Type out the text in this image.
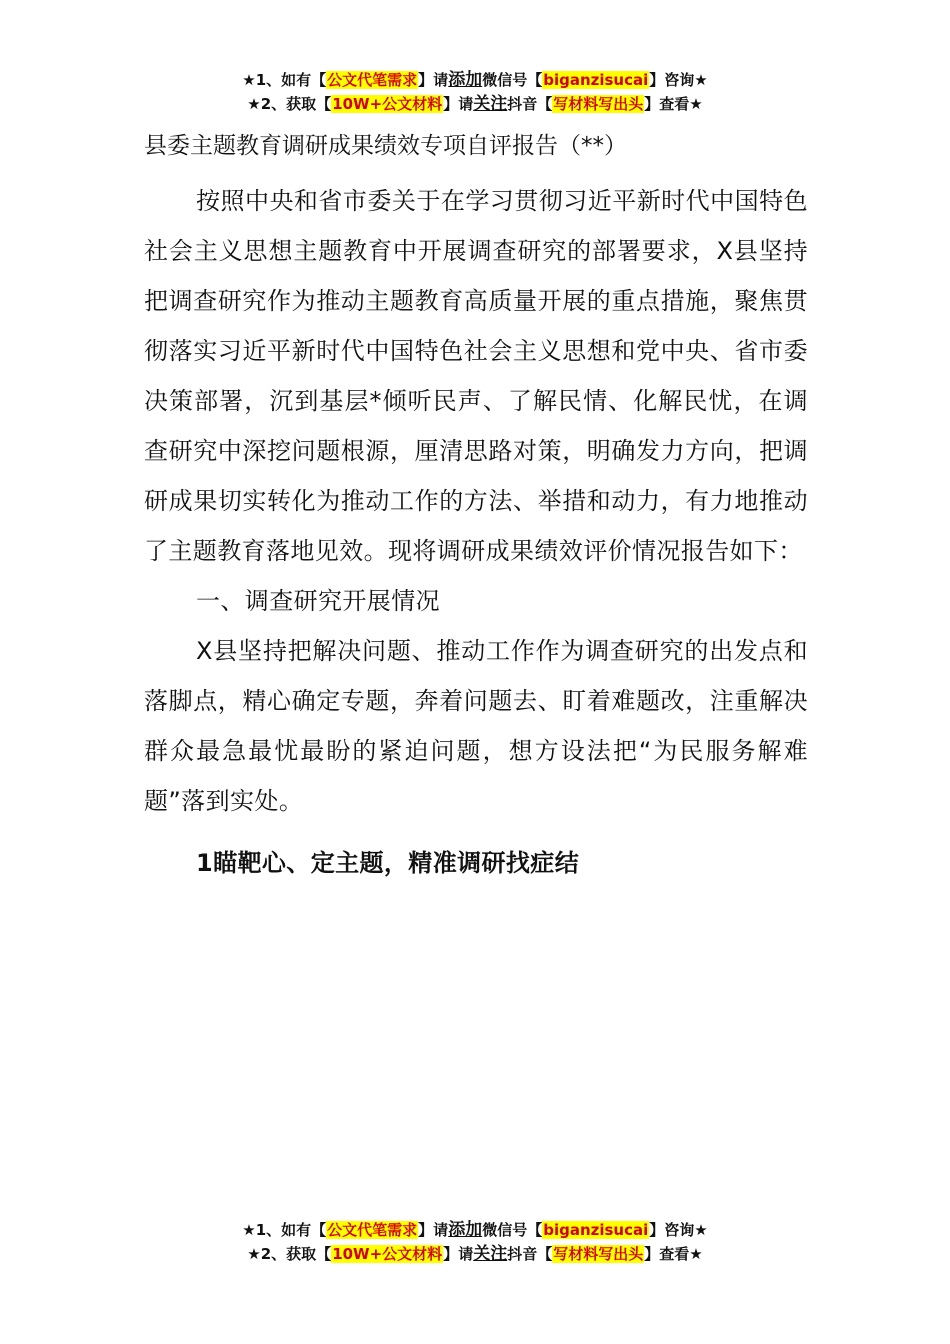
★1、如有【公文代笔需求】请添加微信号【biganzisucai】咨询★
★2、获取【10W+公文材料】请关注抖音【写材料写出头】查看★
县委主题教育调研成果绩效专项自评报告（**）

按照中央和省市委关于在学习贯彻习近平新时代中国特色社会主义思想主题教育中开展调查研究的部署要求，X县坚持把调查研究作为推动主题教育高质量开展的重点措施，聚焦贯彻落实习近平新时代中国特色社会主义思想和党中央、省市委决策部署，沉到基层*倾听民声、了解民情、化解民忧，在调查研究中深挖问题根源，厘清思路对策，明确发力方向，把调研成果切实转化为推动工作的方法、举措和动力，有力地推动了主题教育落地见效。现将调研成果绩效评价情况报告如下：

一、调查研究开展情况

X县坚持把解决问题、推动工作作为调查研究的出发点和落脚点，精心确定专题，奔着问题去、盯着难题改，注重解决群众最急最忧最盼的紧迫问题，想方设法把“为民服务解难题”落到实处。

1瞄靶心、定主题，精准调研找症结

★1、如有【公文代笔需求】请添加微信号【biganzisucai】咨询★
★2、获取【10W+公文材料】请关注抖音【写材料写出头】查看★
